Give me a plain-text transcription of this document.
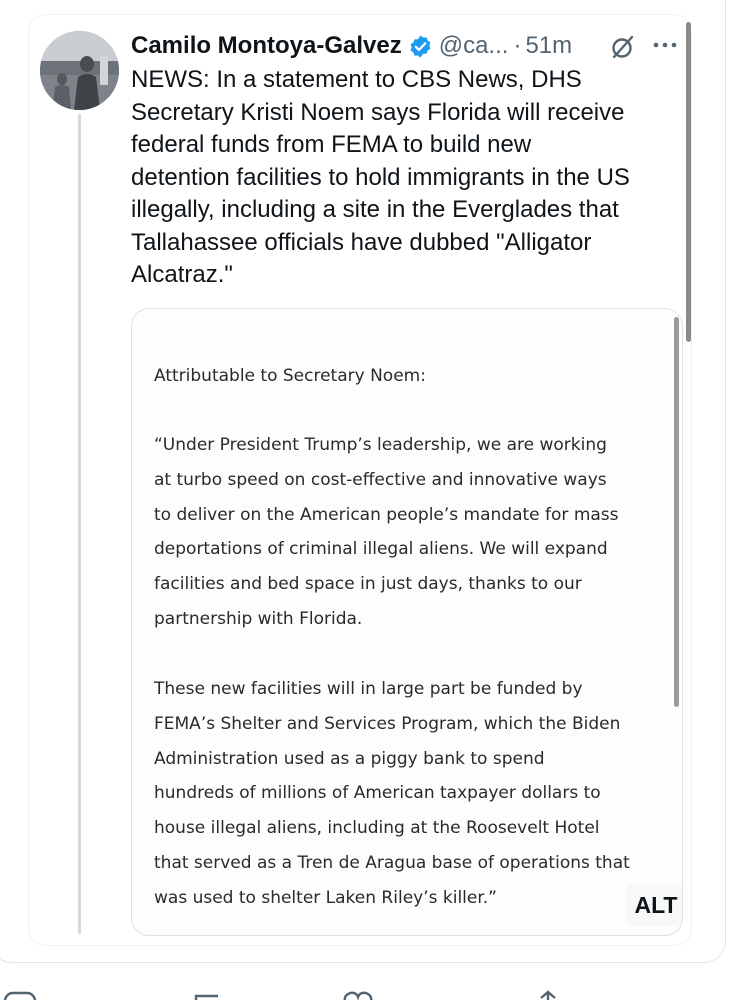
Camilo Montoya-Galvez @ca... · 51m

NEWS: In a statement to CBS News, DHS
Secretary Kristi Noem says Florida will receive
federal funds from FEMA to build new
detention facilities to hold immigrants in the US
illegally, including a site in the Everglades that
Tallahassee officials have dubbed "Alligator
Alcatraz."

Attributable to Secretary Noem:

“Under President Trump’s leadership, we are working
at turbo speed on cost-effective and innovative ways
to deliver on the American people’s mandate for mass
deportations of criminal illegal aliens. We will expand
facilities and bed space in just days, thanks to our
partnership with Florida.

These new facilities will in large part be funded by
FEMA’s Shelter and Services Program, which the Biden
Administration used as a piggy bank to spend
hundreds of millions of American taxpayer dollars to
house illegal aliens, including at the Roosevelt Hotel
that served as a Tren de Aragua base of operations that
was used to shelter Laken Riley’s killer.”	ALT
